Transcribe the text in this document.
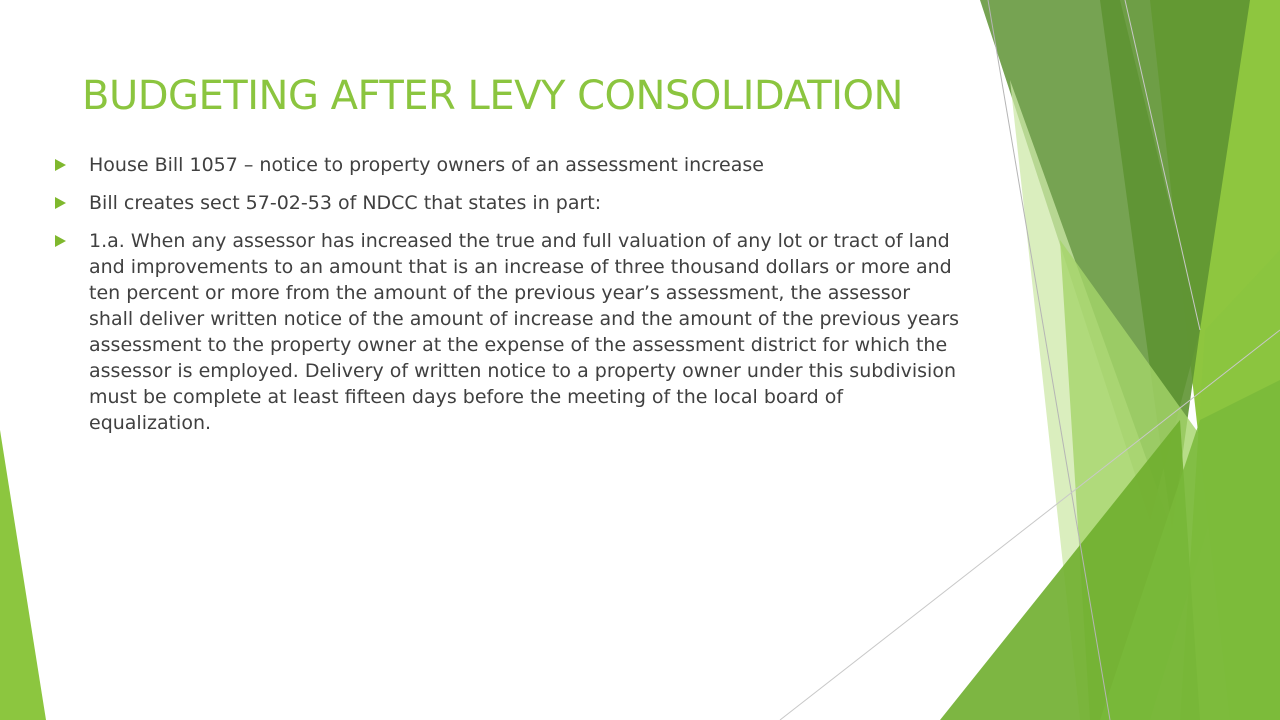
BUDGETING AFTER LEVY CONSOLIDATION
House Bill 1057 – notice to property owners of an assessment increase
Bill creates sect 57-02-53 of NDCC that states in part:
1.a. When any assessor has increased the true and full valuation of any lot or tract of land and improvements to an amount that is an increase of three thousand dollars or more and ten percent or more from the amount of the previous year’s assessment, the assessor shall deliver written notice of the amount of increase and the amount of the previous years assessment to the property owner at the expense of the assessment district for which the assessor is employed. Delivery of written notice to a property owner under this subdivision must be complete at least fifteen days before the meeting of the local board of equalization.
